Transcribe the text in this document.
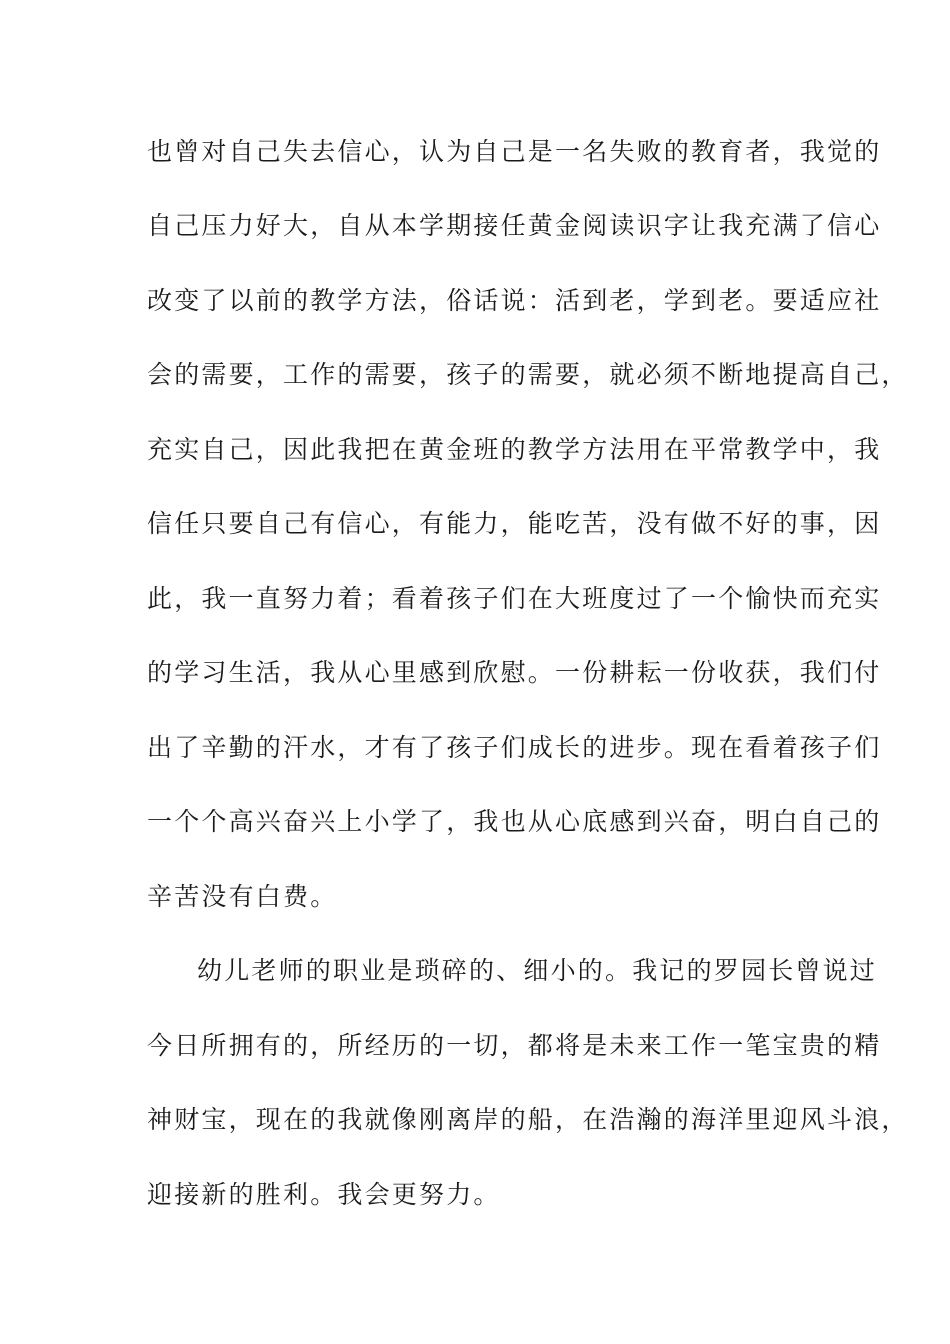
也曾对自己失去信心，认为自己是一名失败的教育者，我觉的
自己压力好大，自从本学期接任黄金阅读识字让我充满了信心
改变了以前的教学方法，俗话说：活到老，学到老。要适应社
会的需要，工作的需要，孩子的需要，就必须不断地提高自己，
充实自己，因此我把在黄金班的教学方法用在平常教学中，我
信任只要自己有信心，有能力，能吃苦，没有做不好的事，因
此，我一直努力着；看着孩子们在大班度过了一个愉快而充实
的学习生活，我从心里感到欣慰。一份耕耘一份收获，我们付
出了辛勤的汗水，才有了孩子们成长的进步。现在看着孩子们
一个个高兴奋兴上小学了，我也从心底感到兴奋，明白自己的
辛苦没有白费。
幼儿老师的职业是琐碎的、细小的。我记的罗园长曾说过
今日所拥有的，所经历的一切，都将是未来工作一笔宝贵的精
神财宝，现在的我就像刚离岸的船，在浩瀚的海洋里迎风斗浪，
迎接新的胜利。我会更努力。
